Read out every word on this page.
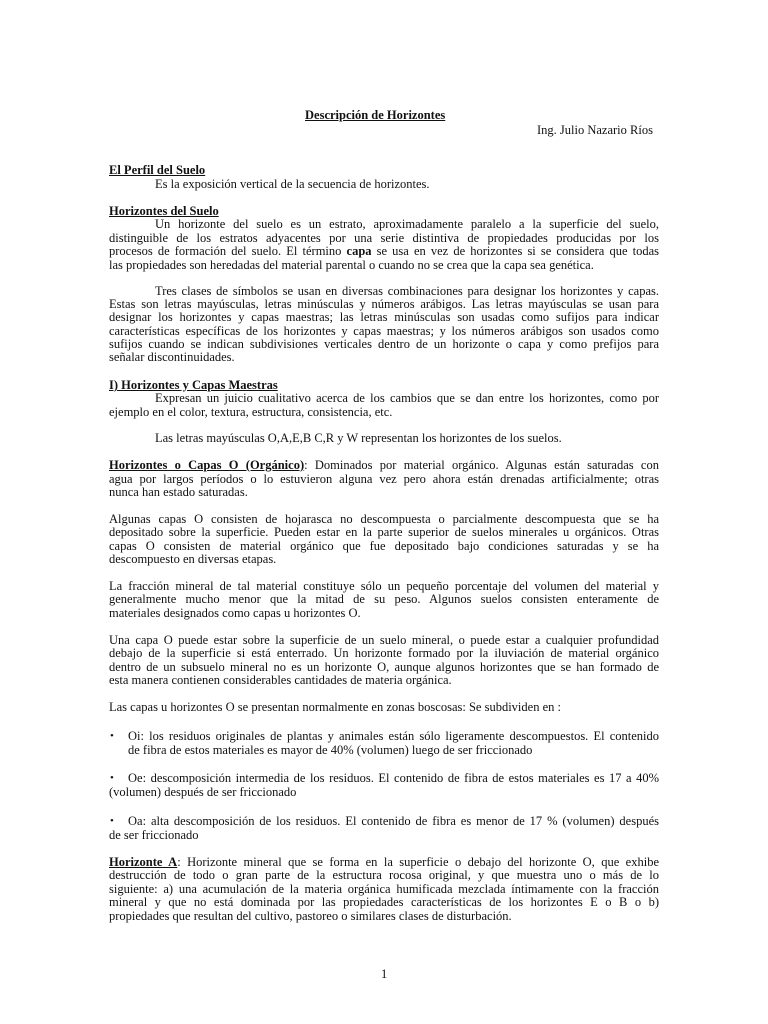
Descripción de Horizontes
Ing. Julio Nazario Ríos
El Perfil del Suelo
Es la exposición vertical de la secuencia de horizontes.
Horizontes del Suelo
Un horizonte del suelo es un estrato, aproximadamente paralelo a la superficie del suelo,
distinguible de los estratos adyacentes por una serie distintiva de propiedades producidas por los
procesos de formación del suelo. El término capa se usa en vez de horizontes si se considera que todas
las propiedades son heredadas del material parental o cuando no se crea que la capa sea genética.
Tres clases de símbolos se usan en diversas combinaciones para designar los horizontes y capas.
Estas son letras mayúsculas, letras minúsculas y números arábigos. Las letras mayúsculas se usan para
designar los horizontes y capas maestras; las letras minúsculas son usadas como sufijos para indicar
características específicas de los horizontes y capas maestras; y los números arábigos son usados como
sufijos cuando se indican subdivisiones verticales dentro de un horizonte o capa y como prefijos para
señalar discontinuidades.
I) Horizontes y Capas Maestras
Expresan un juicio cualitativo acerca de los cambios que se dan entre los horizontes, como por
ejemplo en el color, textura, estructura, consistencia, etc.
Las letras mayúsculas O,A,E,B C,R y W representan los horizontes de los suelos.
Horizontes o Capas O (Orgánico): Dominados por material orgánico. Algunas están saturadas con
agua por largos períodos o lo estuvieron alguna vez pero ahora están drenadas artificialmente; otras
nunca han estado saturadas.
Algunas capas O consisten de hojarasca no descompuesta o parcialmente descompuesta que se ha
depositado sobre la superficie. Pueden estar en la parte superior de suelos minerales u orgánicos. Otras
capas O consisten de material orgánico que fue depositado bajo condiciones saturadas y se ha
descompuesto en diversas etapas.
La fracción mineral de tal material constituye sólo un pequeño porcentaje del volumen del material y
generalmente mucho menor que la mitad de su peso. Algunos suelos consisten enteramente de
materiales designados como capas u horizontes O.
Una capa O puede estar sobre la superficie de un suelo mineral, o puede estar a cualquier profundidad
debajo de la superficie si está enterrado. Un horizonte formado por la iluviación de material orgánico
dentro de un subsuelo mineral no es un horizonte O, aunque algunos horizontes que se han formado de
esta manera contienen considerables cantidades de materia orgánica.
Las capas u horizontes O se presentan normalmente en zonas boscosas: Se subdividen en :
• Oi: los residuos originales de plantas y animales están sólo ligeramente descompuestos. El contenido
de fibra de estos materiales es mayor de 40% (volumen) luego de ser friccionado
• Oe: descomposición intermedia de los residuos. El contenido de fibra de estos materiales es 17 a 40%
(volumen) después de ser friccionado
• Oa: alta descomposición de los residuos. El contenido de fibra es menor de 17 % (volumen) después
de ser friccionado
Horizonte A: Horizonte mineral que se forma en la superficie o debajo del horizonte O, que exhibe
destrucción de todo o gran parte de la estructura rocosa original, y que muestra uno o más de lo
siguiente: a) una acumulación de la materia orgánica humificada mezclada íntimamente con la fracción
mineral y que no está dominada por las propiedades características de los horizontes E o B o b)
propiedades que resultan del cultivo, pastoreo o similares clases de disturbación.
1
